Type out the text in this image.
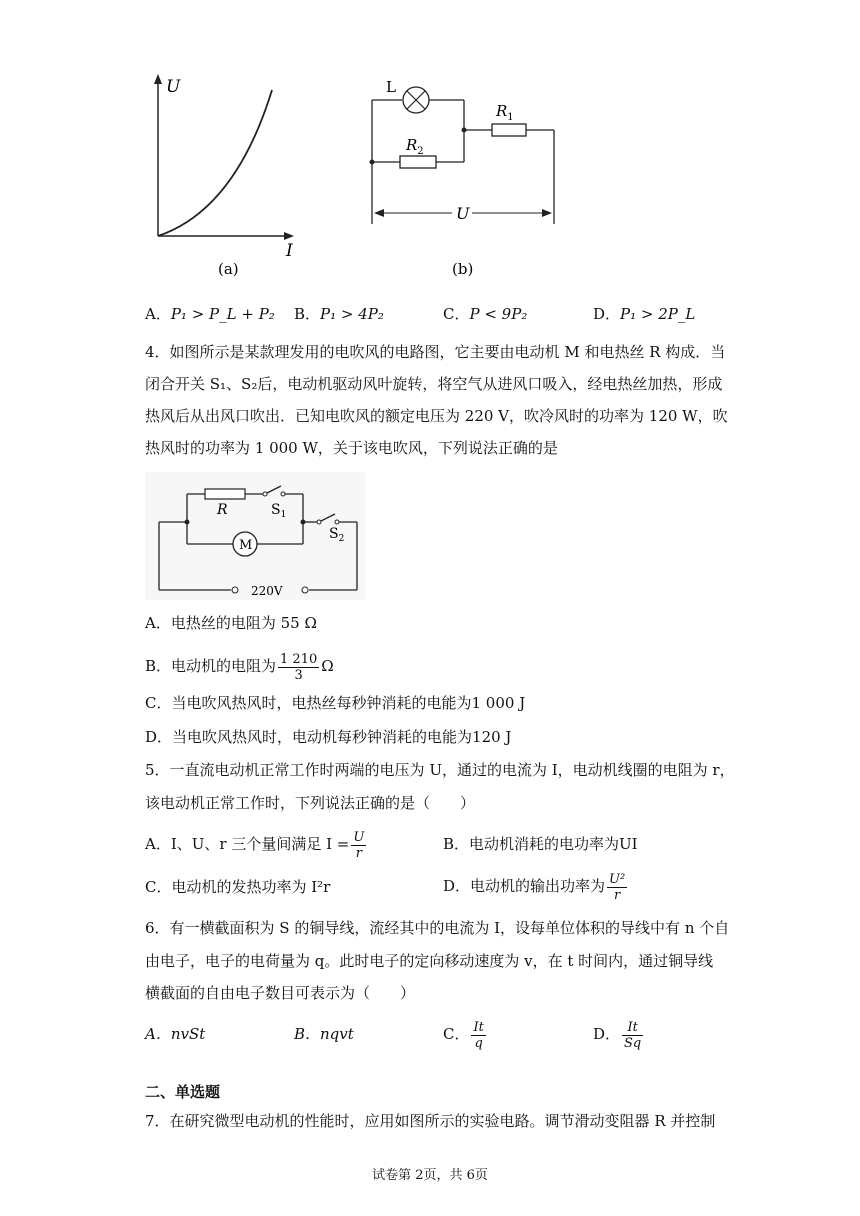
U
I
(a)
L
$R_1$
$R_2$
U
(b)
A．P₁ > P_L + P₂ B．P₁ > 4P₂	C．P < 9P₂	D．P₁ > 2P_L
4．如图所示是某款理发用的电吹风的电路图，它主要由电动机 M 和电热丝 R 构成．当
闭合开关 S₁、S₂后，电动机驱动风叶旋转，将空气从进风口吸入，经电热丝加热，形成
热风后从出风口吹出．已知电吹风的额定电压为 220 V，吹冷风时的功率为 120 W，吹
热风时的功率为 1 000 W，关于该电吹风，下列说法正确的是
R	$S_1$
$S_2$
M
220V
A．电热丝的电阻为 55 Ω
B．电动机的电阻为 $\frac{1 210}{3}$ Ω
C．当电吹风热风时，电热丝每秒钟消耗的电能为1 000 J
D．当电吹风热风时，电动机每秒钟消耗的电能为120 J
5．一直流电动机正常工作时两端的电压为 U，通过的电流为 I，电动机线圈的电阻为 r，
该电动机正常工作时，下列说法正确的是（　　）
A．I、U、r 三个量间满足 $I = \frac{U}{r}$	B．电动机消耗的电功率为UI
C．电动机的发热功率为 I²r	D．电动机的输出功率为 $\frac{\text{U²}}{r}$
6．有一横截面积为 S 的铜导线，流经其中的电流为 I，设每单位体积的导线中有 n 个自
由电子，电子的电荷量为 q。此时电子的定向移动速度为 v，在 t 时间内，通过铜导线
横截面的自由电子数目可表示为（　　）
A．nvSt	B．nqvt	C． $\frac{It}{q}$	D． $\frac{It}{Sq}$
二、单选题
7．在研究微型电动机的性能时，应用如图所示的实验电路。调节滑动变阻器 R 并控制
试卷第 2页，共 6页
